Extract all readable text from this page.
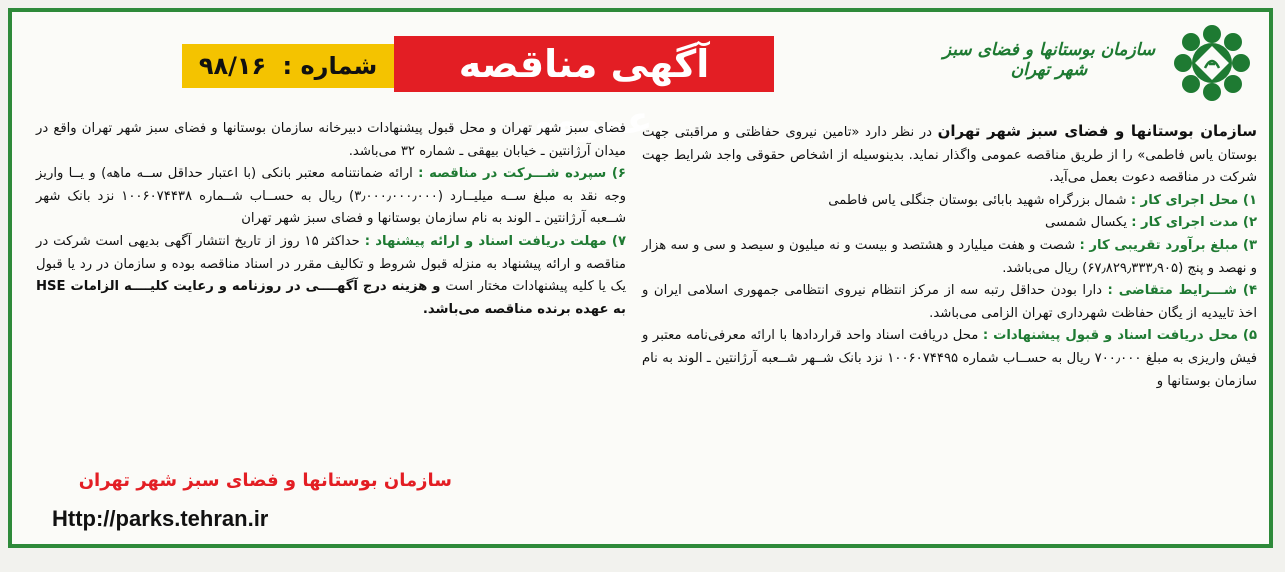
سازمان بوستانها و فضای سبز شهر تهران
آگهی مناقصه عمومی
شماره : ۹۸/۱۶

سازمان بوستانها و فضای سبز شهر تهران در نظر دارد «تامین نیروی حفاظتی و مراقبتی جهت بوستان یاس فاطمی» را از طریق مناقصه عمومی واگذار نماید. بدینوسیله از اشخاص حقوقی واجد شرایط جهت شرکت در مناقصه دعوت بعمل می‌آید.

۱) محل اجرای کار : شمال بزرگراه شهید بابائی بوستان جنگلی یاس فاطمی

۲) مدت اجرای کار : یکسال شمسی

۳) مبلغ برآورد تقریبی کار : شصت و هفت میلیارد و هشتصد و بیست و نه میلیون و سیصد و سی و سه هزار و نهصد و پنج (۶۷٫۸۲۹٫۳۳۳٫۹۰۵) ریال می‌باشد.

۴) شـــرایط متقاضی : دارا بودن حداقل رتبه سه از مرکز انتظام نیروی انتظامی جمهوری اسلامی ایران و اخذ تاییدیه از یگان حفاظت شهرداری تهران الزامی می‌باشد.

۵) محل دریافت اسناد و قبول پیشنهادات : محل دریافت اسناد واحد قراردادها با ارائه معرفی‌نامه معتبر و فیش واریزی به مبلغ ۷۰۰٫۰۰۰ ریال به حســاب شماره ۱۰۰۶۰۷۴۴۹۵ نزد بانک شــهر شــعبه آرژانتین ـ الوند به نام سازمان بوستانها و

فضای سبز شهر تهران و محل قبول پیشنهادات دبیرخانه سازمان بوستانها و فضای سبز شهر تهران واقع در میدان آرژانتین ـ خیابان بیهقی ـ شماره ۳۲ می‌باشد.

۶) سپرده شـــرکت در مناقصه : ارائه ضمانتنامه معتبر بانکی (با اعتبار حداقل ســه ماهه) و یــا واریز وجه نقد به مبلغ ســه میلیــارد (۳٫۰۰۰٫۰۰۰٫۰۰۰) ریال به حســاب شــماره ۱۰۰۶۰۷۴۴۳۸ نزد بانک شهر شــعبه آرژانتین ـ الوند به نام سازمان بوستانها و فضای سبز شهر تهران

۷) مهلت دریافت اسناد و ارائه پیشنهاد : حداکثر ۱۵ روز از تاریخ انتشار آگهی بدیهی است شرکت در مناقصه و ارائه پیشنهاد به منزله قبول شروط و تکالیف مقرر در اسناد مناقصه بوده و سازمان در رد یا قبول یک یا کلیه پیشنهادات مختار است و هزینه درج آگهــــی در روزنامه و رعایت کلیــــه الزامات HSE به عهده برنده مناقصه می‌باشد.

سازمان بوستانها و فضای سبز شهر تهران
Http://parks.tehran.ir
